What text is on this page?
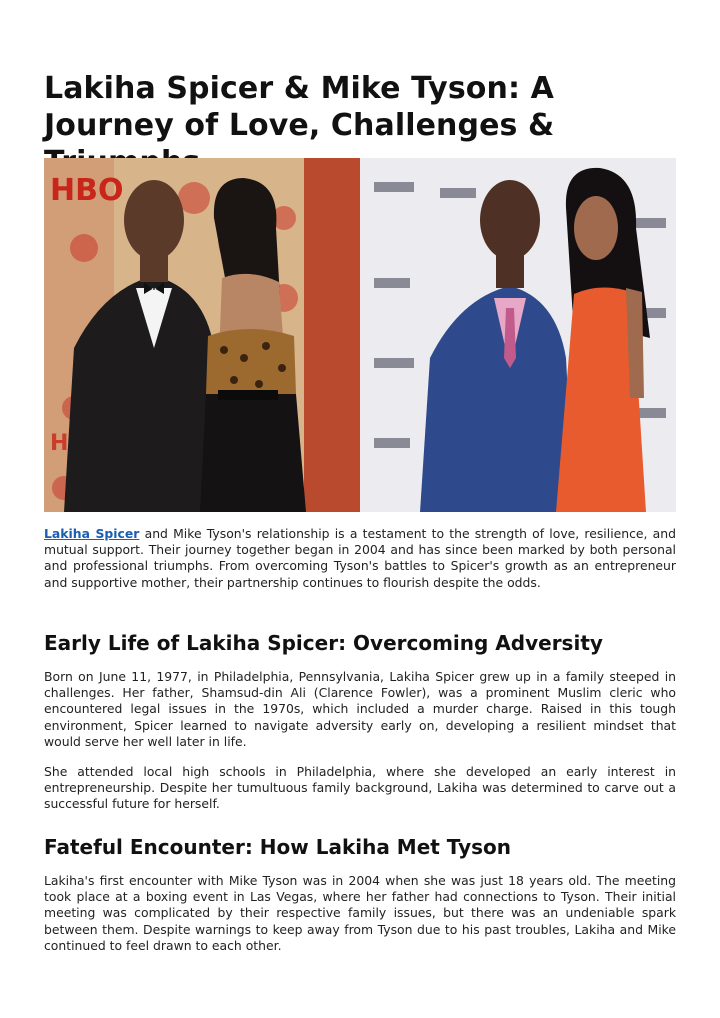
Lakiha Spicer & Mike Tyson: A Journey of Love, Challenges &
HBO
H

Lakiha Spicer and Mike Tyson's relationship is a testament to the strength of love, resilience, and mutual support. Their journey together began in 2004 and has since been marked by both personal and professional triumphs. From overcoming Tyson's battles to Spicer's growth as an entrepreneur and supportive mother, their partnership continues to flourish despite the odds.

Early Life of Lakiha Spicer: Overcoming Adversity

Born on June 11, 1977, in Philadelphia, Pennsylvania, Lakiha Spicer grew up in a family steeped in challenges. Her father, Shamsud-din Ali (Clarence Fowler), was a prominent Muslim cleric who encountered legal issues in the 1970s, which included a murder charge. Raised in this tough environment, Spicer learned to navigate adversity early on, developing a resilient mindset that would serve her well later in life.

She attended local high schools in Philadelphia, where she developed an early interest in entrepreneurship. Despite her tumultuous family background, Lakiha was determined to carve out a successful future for herself.

Fateful Encounter: How Lakiha Met Tyson

Lakiha's first encounter with Mike Tyson was in 2004 when she was just 18 years old. The meeting took place at a boxing event in Las Vegas, where her father had connections to Tyson. Their initial meeting was complicated by their respective family issues, but there was an undeniable spark between them. Despite warnings to keep away from Tyson due to his past troubles, Lakiha and Mike continued to feel drawn to each other.
